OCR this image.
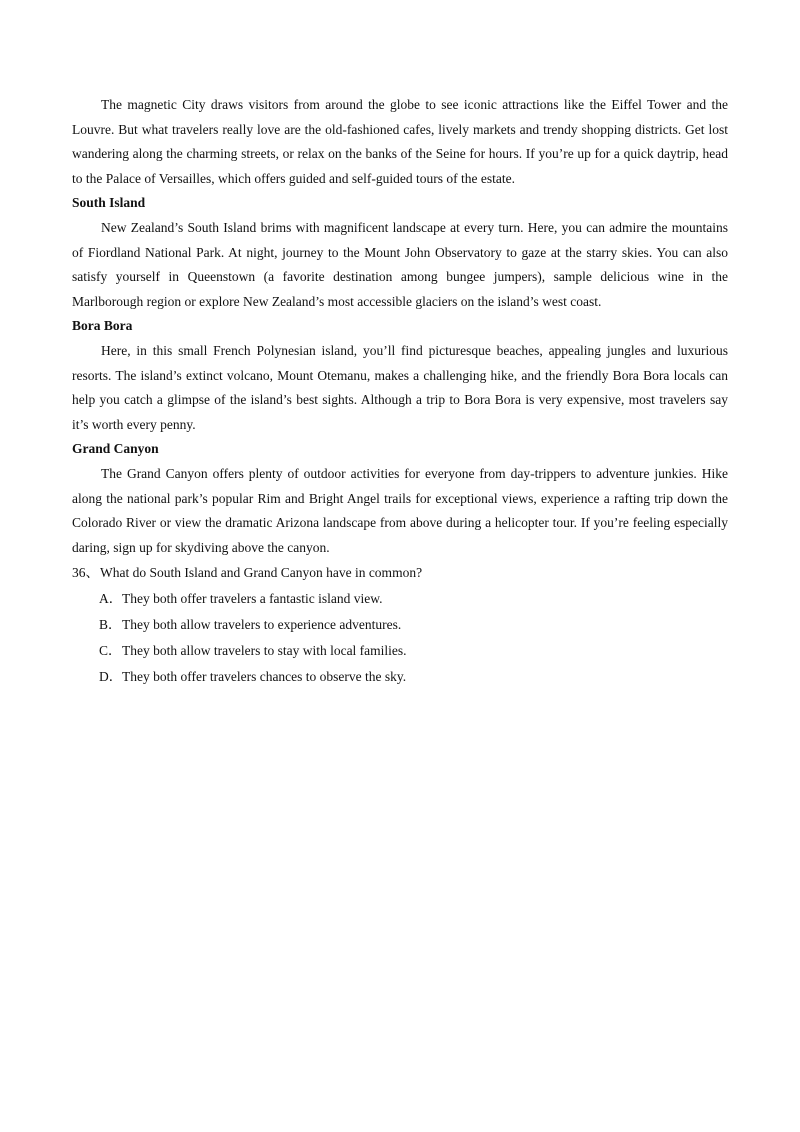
The magnetic City draws visitors from around the globe to see iconic attractions like the Eiffel Tower and the Louvre. But what travelers really love are the old-fashioned cafes, lively markets and trendy shopping districts. Get lost wandering along the charming streets, or relax on the banks of the Seine for hours. If you’re up for a quick daytrip, head to the Palace of Versailles, which offers guided and self-guided tours of the estate.

South Island

New Zealand’s South Island brims with magnificent landscape at every turn. Here, you can admire the mountains of Fiordland National Park. At night, journey to the Mount John Observatory to gaze at the starry skies. You can also satisfy yourself in Queenstown (a favorite destination among bungee jumpers), sample delicious wine in the Marlborough region or explore New Zealand’s most accessible glaciers on the island’s west coast.

Bora Bora

Here, in this small French Polynesian island, you’ll find picturesque beaches, appealing jungles and luxurious resorts. The island’s extinct volcano, Mount Otemanu, makes a challenging hike, and the friendly Bora Bora locals can help you catch a glimpse of the island’s best sights. Although a trip to Bora Bora is very expensive, most travelers say it’s worth every penny.

Grand Canyon

The Grand Canyon offers plenty of outdoor activities for everyone from day-trippers to adventure junkies. Hike along the national park’s popular Rim and Bright Angel trails for exceptional views, experience a rafting trip down the Colorado River or view the dramatic Arizona landscape from above during a helicopter tour. If you’re feeling especially daring, sign up for skydiving above the canyon.

36、What do South Island and Grand Canyon have in common?

A．They both offer travelers a fantastic island view.

B．They both allow travelers to experience adventures.

C．They both allow travelers to stay with local families.

D．They both offer travelers chances to observe the sky.
